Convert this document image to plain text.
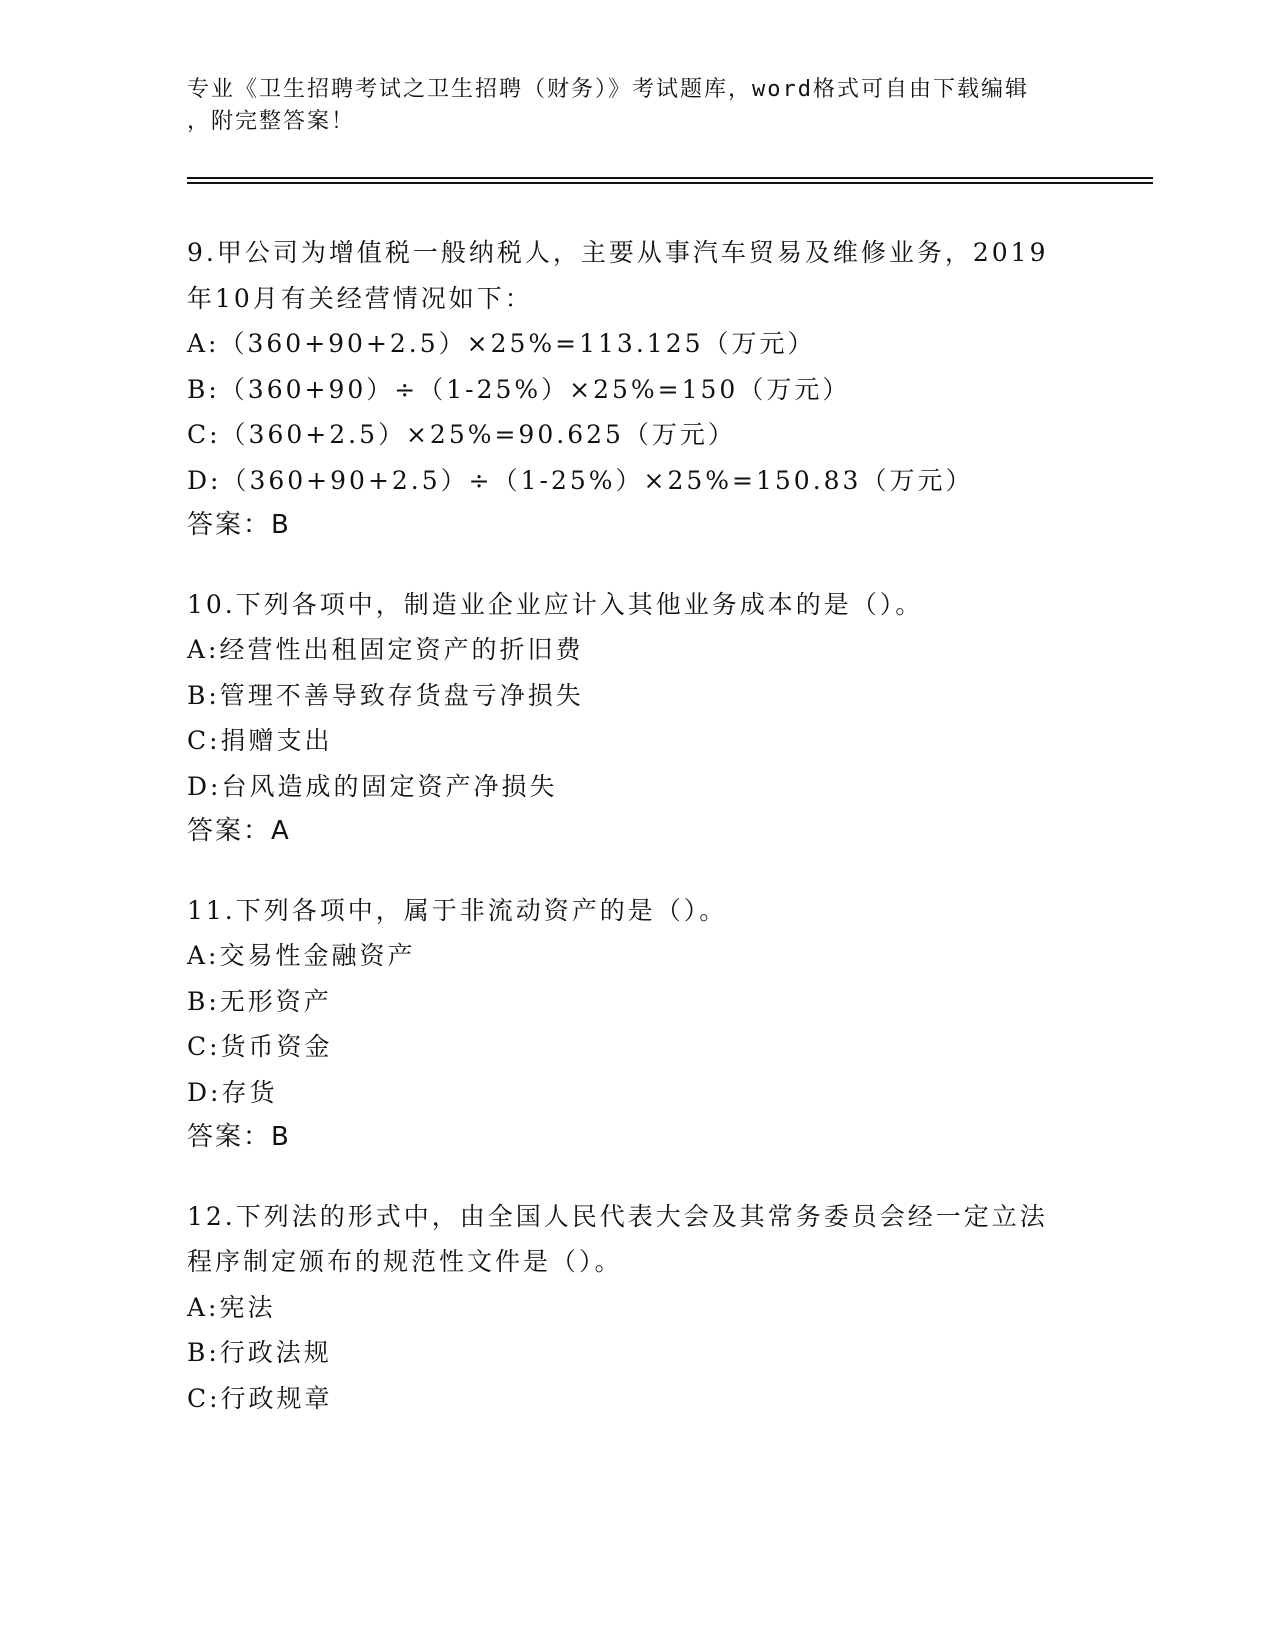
专业《卫生招聘考试之卫生招聘（财务）》考试题库，word格式可自由下载编辑
，附完整答案！
9.甲公司为增值税一般纳税人，主要从事汽车贸易及维修业务，2019
年10月有关经营情况如下：
A:（360+90+2.5）×25%=113.125（万元）
B:（360+90）÷（1-25%）×25%=150（万元）
C:（360+2.5）×25%=90.625（万元）
D:（360+90+2.5）÷（1-25%）×25%=150.83（万元）
答案：B
10.下列各项中，制造业企业应计入其他业务成本的是（）。
A:经营性出租固定资产的折旧费
B:管理不善导致存货盘亏净损失
C:捐赠支出
D:台风造成的固定资产净损失
答案：A
11.下列各项中，属于非流动资产的是（）。
A:交易性金融资产
B:无形资产
C:货币资金
D:存货
答案：B
12.下列法的形式中，由全国人民代表大会及其常务委员会经一定立法
程序制定颁布的规范性文件是（）。
A:宪法
B:行政法规
C:行政规章
